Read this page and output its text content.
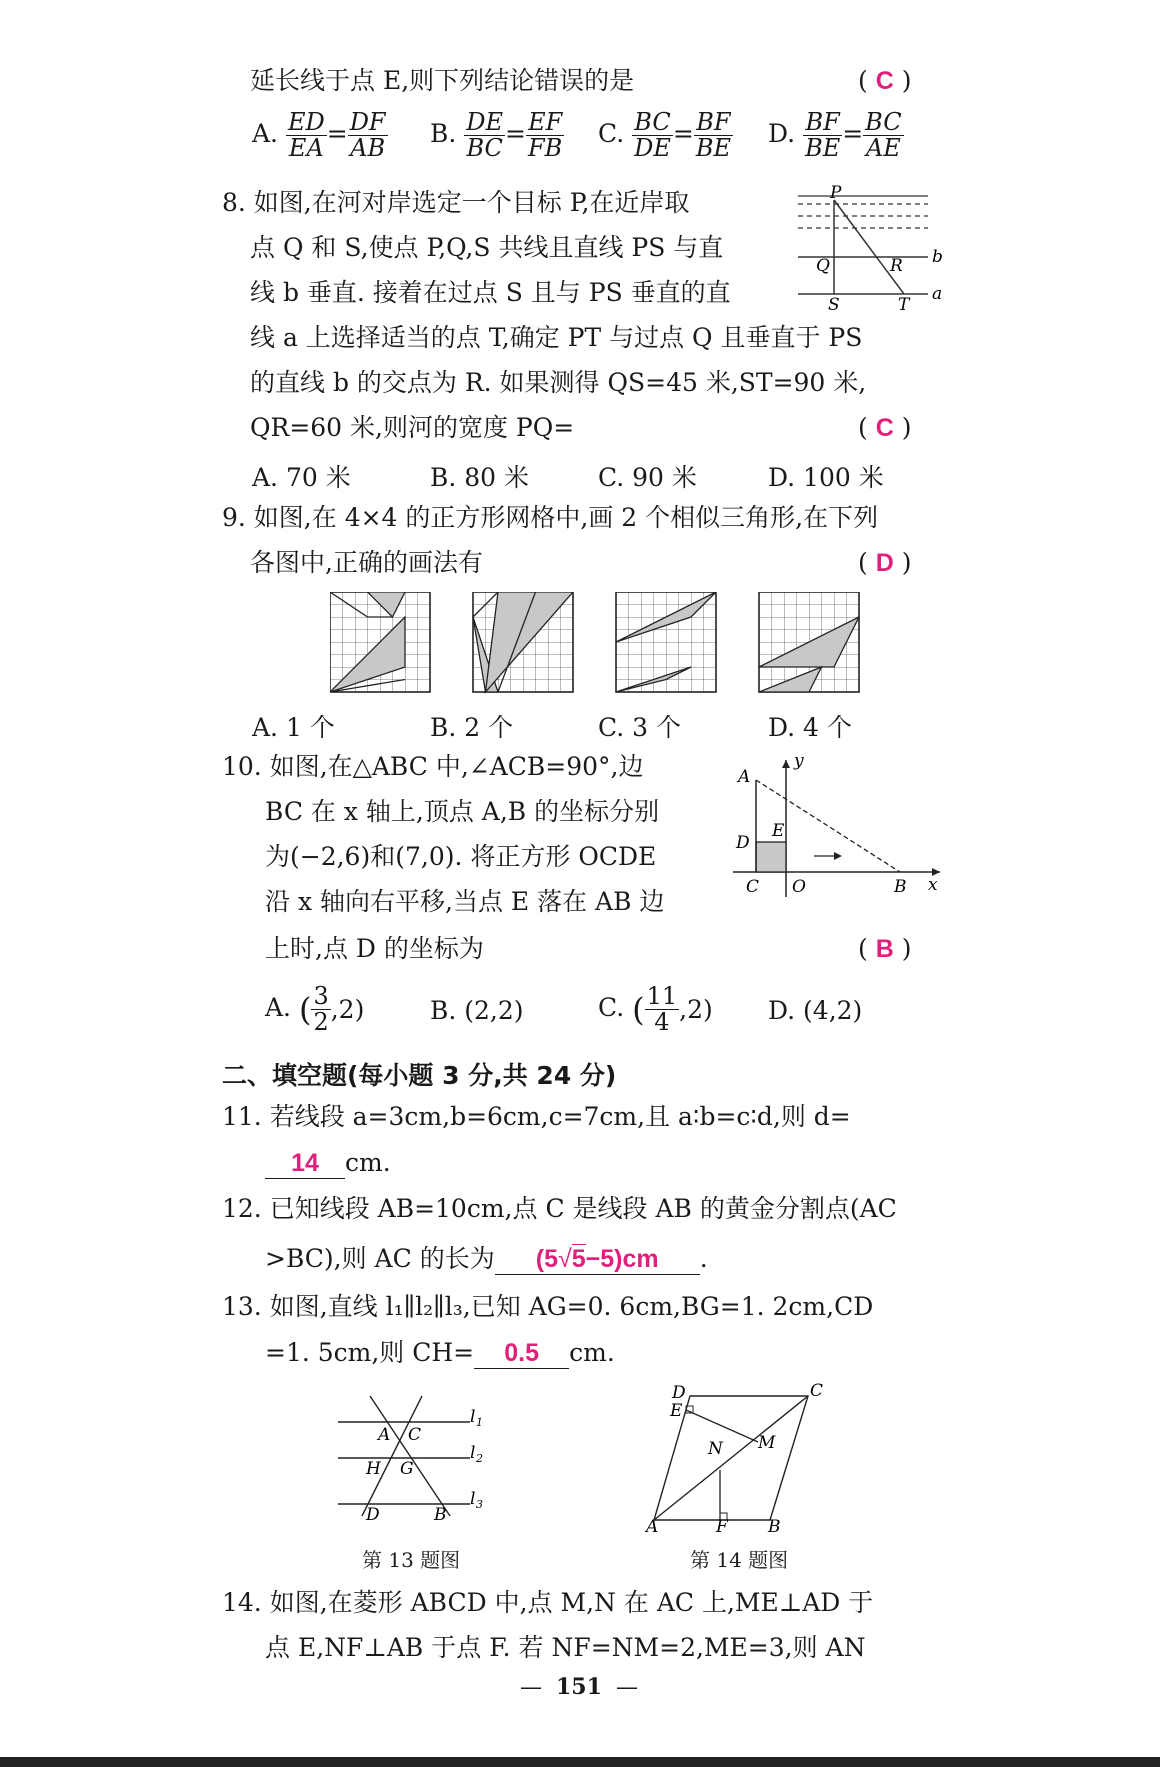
延长线于点 E,则下列结论错误的是	( C )
A. $\frac{ED}{EA} = \frac{DF}{AB} B$. $\frac{DE}{BC} = \frac{EF}{FB} C$. $\frac{BC}{DE} = \frac{BF}{BE} D$. $\frac{BF}{BE} = \frac{BC}{AE}$
8. 如图,在河对岸选定一个目标 P,在近岸取
点 Q 和 S,使点 P,Q,S 共线且直线 PS 与直
线 b 垂直. 接着在过点 S 且与 PS 垂直的直
线 a 上选择适当的点 T,确定 PT 与过点 Q 且垂直于 PS
的直线 b 的交点为 R. 如果测得 QS=45 米,ST=90 米,
QR=60 米,则河的宽度 PQ=	( C )
A. 70 米	B. 80 米	C. 90 米	D. 100 米
P
Q	R
S	T
b
a
9. 如图,在 4×4 的正方形网格中,画 2 个相似三角形,在下列
各图中,正确的画法有	( D )
A. 1 个	B. 2 个	C. 3 个	D. 4 个
10. 如图,在△ABC 中,∠ACB=90°,边
BC 在 x 轴上,顶点 A,B 的坐标分别
为(−2,6)和(7,0). 将正方形 OCDE
沿 x 轴向右平移,当点 E 落在 AB 边
上时,点 D 的坐标为	( B )
A
D
E
C O	B x
y
A. ( $\frac{3}{2} ,2$)	B. (2,2)	C. ( $\frac{11}{4} ,2$) D. (4,2)
二、填空题(每小题 3 分,共 24 分)
11. 若线段 a=3cm,b=6cm,c=7cm,且 a∶b=c∶d,则 d=
14 cm.
12. 已知线段 AB=10cm,点 C 是线段 AB 的黄金分割点(AC
>BC),则 AC 的长为 (5√5−5)cm .
13. 如图,直线 l₁∥l₂∥l₃,已知 AG=0. 6cm,BG=1. 2cm,CD
=1. 5cm,则 CH= 0.5 cm.
A C
H G
D	B
l 1
l 2
l 3
第 13 题图
D
E
C
N M
A	F B
第 14 题图
14. 如图,在菱形 ABCD 中,点 M,N 在 AC 上,ME⊥AD 于
点 E,NF⊥AB 于点 F. 若 NF=NM=2,ME=3,则 AN
— 151 —
